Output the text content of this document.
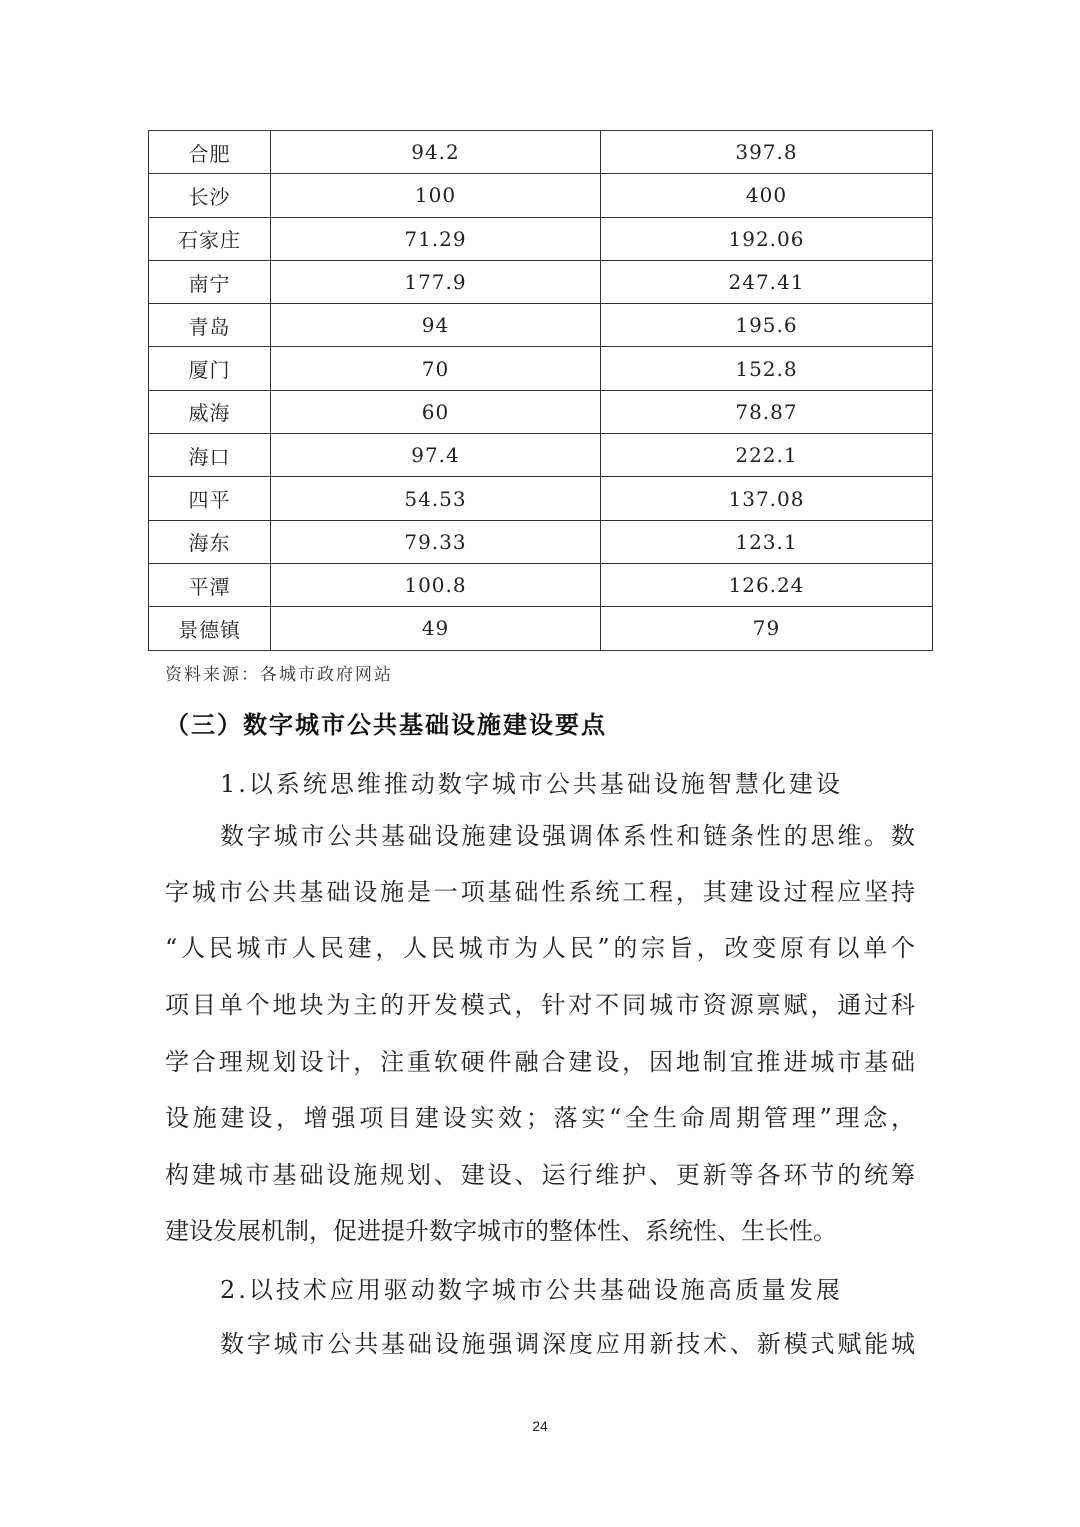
合肥	94.2	397.8
长沙	100	400
石家庄	71.29	192.06
南宁	177.9	247.41
青岛	94	195.6
厦门	70	152.8
威海	60	78.87
海口	97.4	222.1
四平	54.53	137.08
海东	79.33	123.1
平潭	100.8	126.24
景德镇	49	79
资料来源：各城市政府网站
（三）数字城市公共基础设施建设要点
1.以系统思维推动数字城市公共基础设施智慧化建设
数字城市公共基础设施建设强调体系性和链条性的思维。数
字城市公共基础设施是一项基础性系统工程，其建设过程应坚持
“人民城市人民建，人民城市为人民”的宗旨，改变原有以单个
项目单个地块为主的开发模式，针对不同城市资源禀赋，通过科
学合理规划设计，注重软硬件融合建设，因地制宜推进城市基础
设施建设，增强项目建设实效；落实“全生命周期管理”理念，
构建城市基础设施规划、建设、运行维护、更新等各环节的统筹
建设发展机制，促进提升数字城市的整体性、系统性、生长性。
2.以技术应用驱动数字城市公共基础设施高质量发展
数字城市公共基础设施强调深度应用新技术、新模式赋能城
24
